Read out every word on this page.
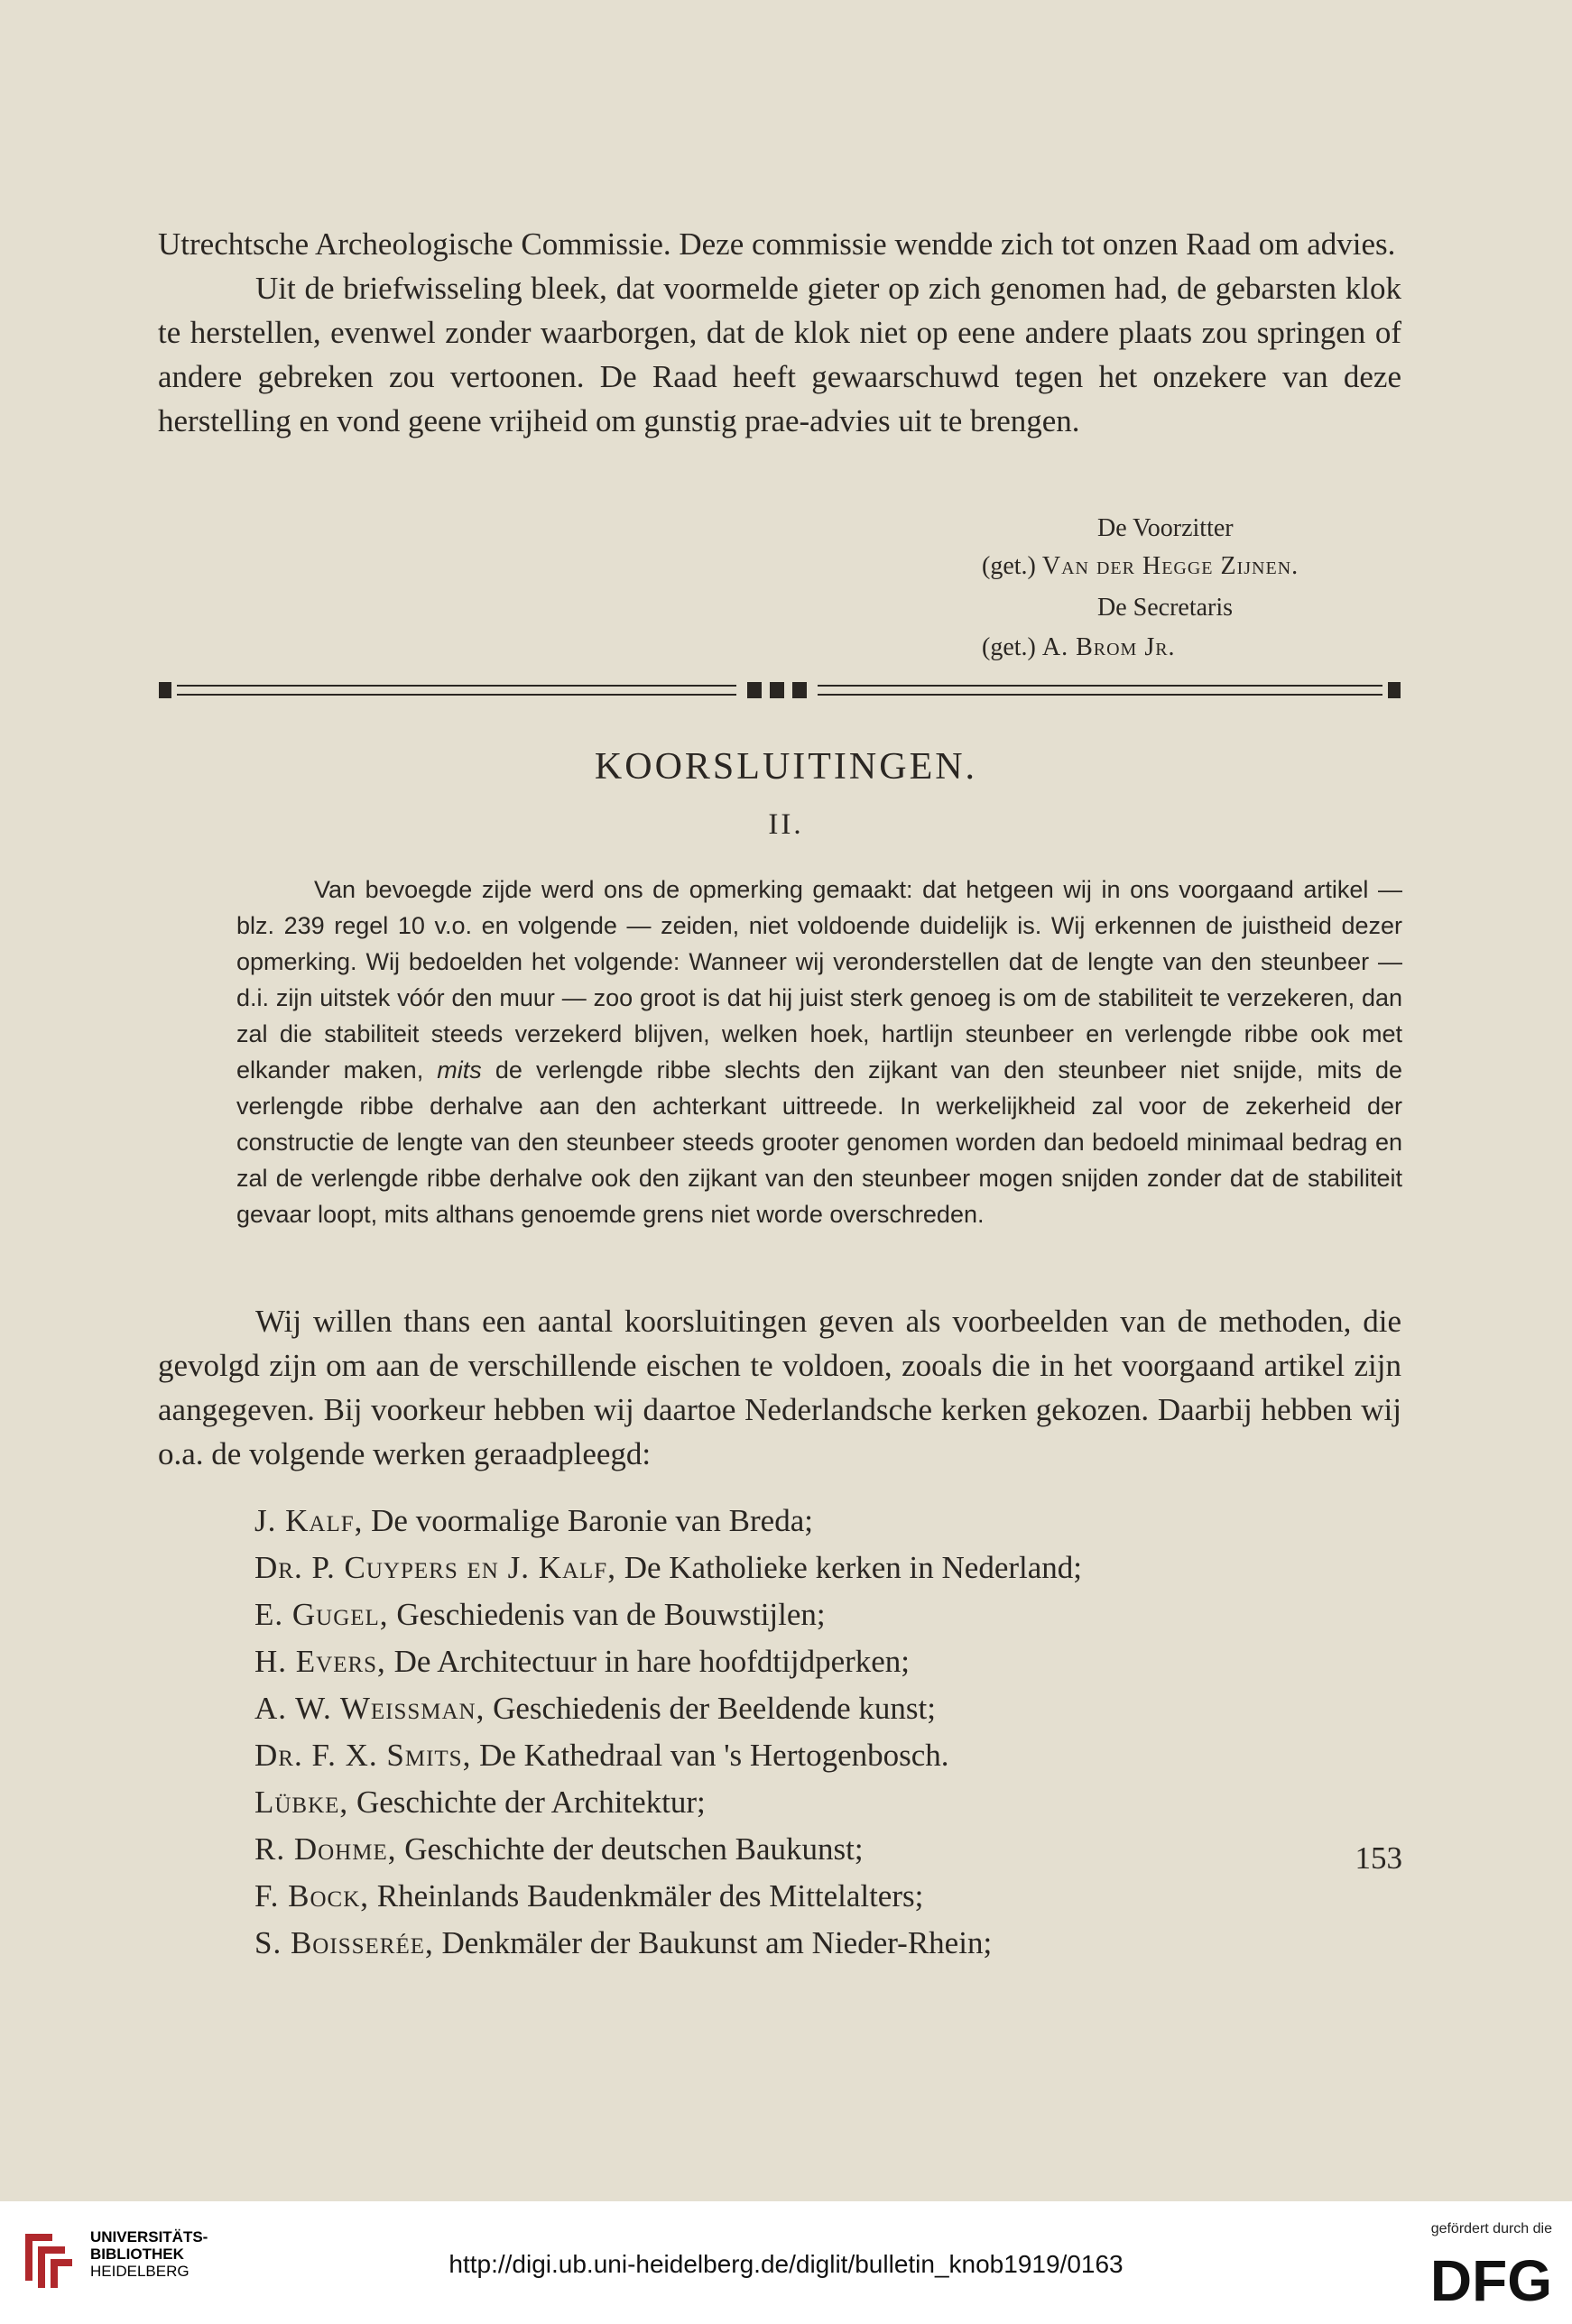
Utrechtsche Archeologische Commissie. Deze commissie wendde zich tot onzen Raad om advies.

Uit de briefwisseling bleek, dat voormelde gieter op zich genomen had, de gebarsten klok te herstellen, evenwel zonder waarborgen, dat de klok niet op eene andere plaats zou springen of andere gebreken zou vertoonen. De Raad heeft gewaarschuwd tegen het onzekere van deze herstelling en vond geene vrijheid om gunstig prae-advies uit te brengen.

De Voorzitter
(get.) Van der Hegge Zijnen.
De Secretaris
(get.) A. Brom Jr.
KOORSLUITINGEN.
II.

Van bevoegde zijde werd ons de opmerking gemaakt: dat hetgeen wij in ons voorgaand artikel — blz. 239 regel 10 v.o. en volgende — zeiden, niet voldoende duidelijk is. Wij erkennen de juistheid dezer opmerking. Wij bedoelden het volgende: Wanneer wij veronderstellen dat de lengte van den steunbeer — d.i. zijn uitstek vóór den muur — zoo groot is dat hij juist sterk genoeg is om de stabiliteit te verzekeren, dan zal die stabiliteit steeds verzekerd blijven, welken hoek, hartlijn steunbeer en verlengde ribbe ook met elkander maken, mits de verlengde ribbe slechts den zijkant van den steunbeer niet snijde, mits de verlengde ribbe derhalve aan den achterkant uittreede. In werkelijkheid zal voor de zekerheid der constructie de lengte van den steunbeer steeds grooter genomen worden dan bedoeld minimaal bedrag en zal de verlengde ribbe derhalve ook den zijkant van den steunbeer mogen snijden zonder dat de stabiliteit gevaar loopt, mits althans genoemde grens niet worde overschreden.

Wij willen thans een aantal koorsluitingen geven als voorbeelden van de methoden, die gevolgd zijn om aan de verschillende eischen te voldoen, zooals die in het voorgaand artikel zijn aangegeven. Bij voorkeur hebben wij daartoe Nederlandsche kerken gekozen. Daarbij hebben wij o.a. de volgende werken geraadpleegd:

J. Kalf, De voormalige Baronie van Breda;
Dr. P. Cuypers en J. Kalf, De Katholieke kerken in Nederland;
E. Gugel, Geschiedenis van de Bouwstijlen;
H. Evers, De Architectuur in hare hoofdtijdperken;
A. W. Weissman, Geschiedenis der Beeldende kunst;
Dr. F. X. Smits, De Kathedraal van 's Hertogenbosch.
Lübke, Geschichte der Architektur;
R. Dohme, Geschichte der deutschen Baukunst;
F. Bock, Rheinlands Baudenkmäler des Mittelalters;
S. Boisserée, Denkmäler der Baukunst am Nieder-Rhein;
153
UNIVERSITÄTS-
BIBLIOTHEK
HEIDELBERG	http://digi.ub.uni-heidelberg.de/diglit/bulletin_knob1919/0163
gefördert durch die
DFG
